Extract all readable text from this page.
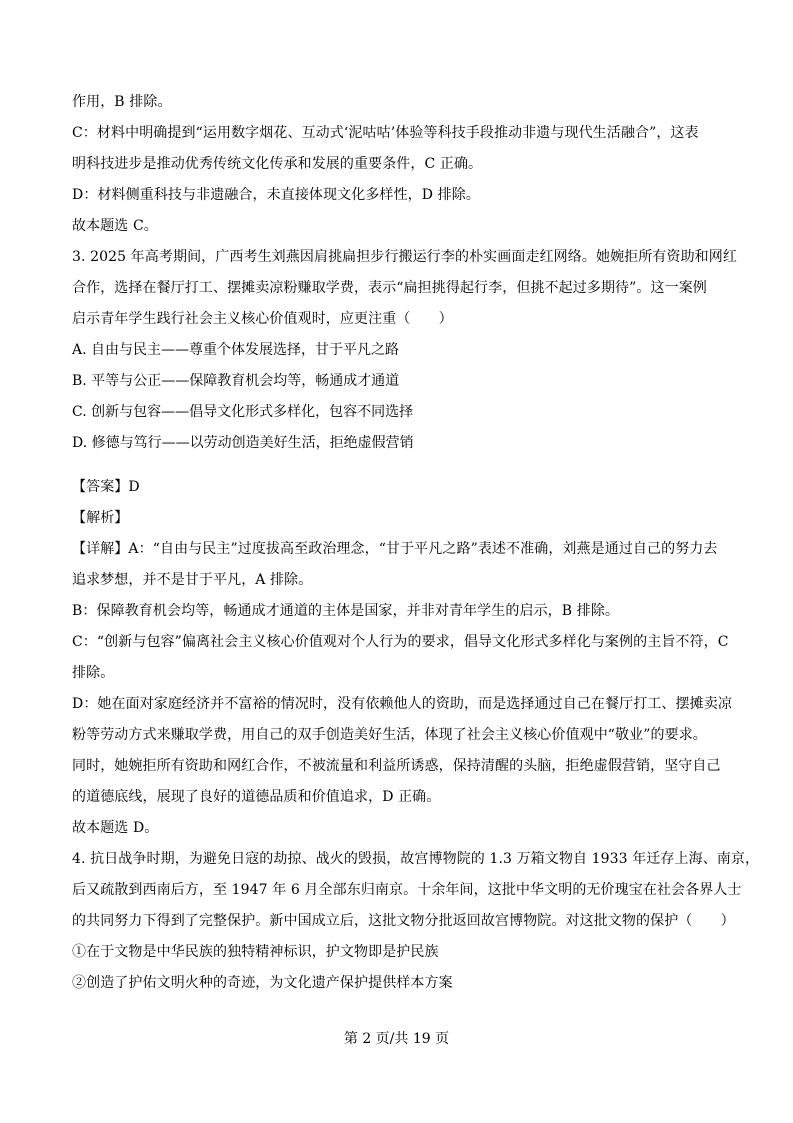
作用，B 排除。
C：材料中明确提到“运用数字烟花、互动式‘泥咕咕’体验等科技手段推动非遗与现代生活融合”，这表
明科技进步是推动优秀传统文化传承和发展的重要条件，C 正确。
D：材料侧重科技与非遗融合，未直接体现文化多样性，D 排除。
故本题选 C。
3. 2025 年高考期间，广西考生刘燕因肩挑扁担步行搬运行李的朴实画面走红网络。她婉拒所有资助和网红
合作，选择在餐厅打工、摆摊卖凉粉赚取学费，表示“扁担挑得起行李，但挑不起过多期待”。这一案例
启示青年学生践行社会主义核心价值观时，应更注重（　　）
A. 自由与民主——尊重个体发展选择，甘于平凡之路
B. 平等与公正——保障教育机会均等，畅通成才通道
C. 创新与包容——倡导文化形式多样化，包容不同选择
D. 修德与笃行——以劳动创造美好生活，拒绝虚假营销
【答案】D
【解析】
【详解】A：“自由与民主”过度拔高至政治理念，“甘于平凡之路”表述不准确，刘燕是通过自己的努力去
追求梦想，并不是甘于平凡，A 排除。
B：保障教育机会均等，畅通成才通道的主体是国家，并非对青年学生的启示，B 排除。
C：“创新与包容”偏离社会主义核心价值观对个人行为的要求，倡导文化形式多样化与案例的主旨不符，C
排除。
D：她在面对家庭经济并不富裕的情况时，没有依赖他人的资助，而是选择通过自己在餐厅打工、摆摊卖凉
粉等劳动方式来赚取学费，用自己的双手创造美好生活，体现了社会主义核心价值观中“敬业”的要求。
同时，她婉拒所有资助和网红合作，不被流量和利益所诱惑，保持清醒的头脑，拒绝虚假营销，坚守自己
的道德底线，展现了良好的道德品质和价值追求，D 正确。
故本题选 D。
4. 抗日战争时期，为避免日寇的劫掠、战火的毁损，故宫博物院的 1.3 万箱文物自 1933 年迁存上海、南京，
后又疏散到西南后方，至 1947 年 6 月全部东归南京。十余年间，这批中华文明的无价瑰宝在社会各界人士
的共同努力下得到了完整保护。新中国成立后，这批文物分批返回故宫博物院。对这批文物的保护（　　）
①在于文物是中华民族的独特精神标识，护文物即是护民族
②创造了护佑文明火种的奇迹，为文化遗产保护提供样本方案
第 2 页/共 19 页
